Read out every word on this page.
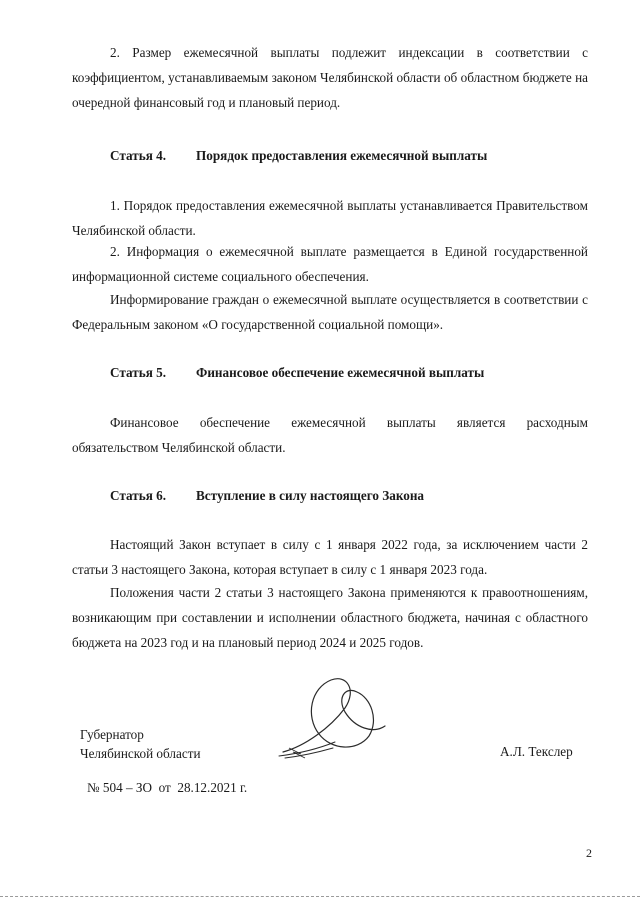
2. Размер ежемесячной выплаты подлежит индексации в соответствии с коэффициентом, устанавливаемым законом Челябинской области об областном бюджете на очередной финансовый год и плановый период.

Статья 4. Порядок предоставления ежемесячной выплаты

1. Порядок предоставления ежемесячной выплаты устанавливается Правительством Челябинской области.

2. Информация о ежемесячной выплате размещается в Единой государственной информационной системе социального обеспечения.

Информирование граждан о ежемесячной выплате осуществляется в соответствии с Федеральным законом «О государственной социальной помощи».

Статья 5. Финансовое обеспечение ежемесячной выплаты

Финансовое обеспечение ежемесячной выплаты является расходным обязательством Челябинской области.

Статья 6. Вступление в силу настоящего Закона

Настоящий Закон вступает в силу с 1 января 2022 года, за исключением части 2 статьи 3 настоящего Закона, которая вступает в силу с 1 января 2023 года.

Положения части 2 статьи 3 настоящего Закона применяются к правоотношениям, возникающим при составлении и исполнении областного бюджета, начиная с областного бюджета на 2023 год и на плановый период 2024 и 2025 годов.

Губернатор
Челябинской области	А.Л. Текслер
№ 504 – ЗО  от  28.12.2021 г.
2
